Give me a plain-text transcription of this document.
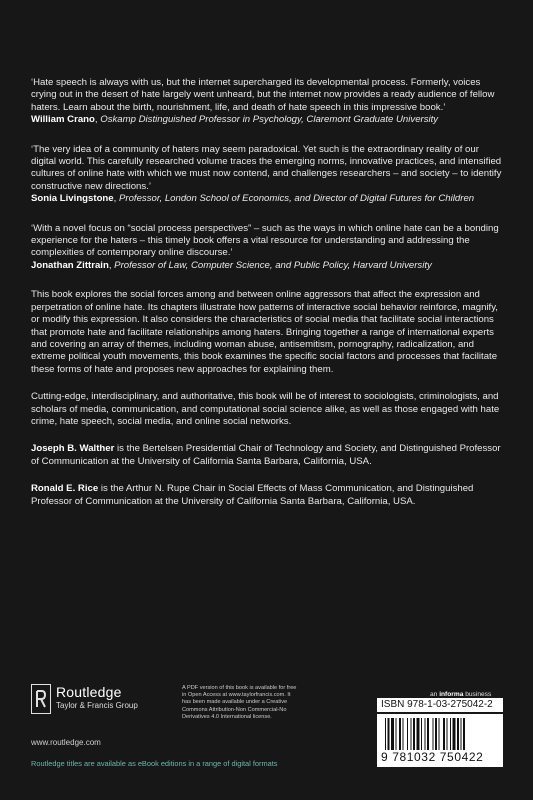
‘Hate speech is always with us, but the internet supercharged its developmental process. Formerly, voices crying out in the desert of hate largely went unheard, but the internet now provides a ready audience of fellow haters. Learn about the birth, nourishment, life, and death of hate speech in this impressive book.’

William Crano, Oskamp Distinguished Professor in Psychology, Claremont Graduate University

‘The very idea of a community of haters may seem paradoxical. Yet such is the extraordinary reality of our digital world. This carefully researched volume traces the emerging norms, innovative practices, and intensified cultures of online hate with which we must now contend, and challenges researchers – and society – to identify constructive new directions.’

Sonia Livingstone, Professor, London School of Economics, and Director of Digital Futures for Children

‘With a novel focus on “social process perspectives” – such as the ways in which online hate can be a bonding experience for the haters – this timely book offers a vital resource for understanding and addressing the complexities of contemporary online discourse.’

Jonathan Zittrain, Professor of Law, Computer Science, and Public Policy, Harvard University

This book explores the social forces among and between online aggressors that affect the expression and perpetration of online hate. Its chapters illustrate how patterns of interactive social behavior reinforce, magnify, or modify this expression. It also considers the characteristics of social media that facilitate social interactions that promote hate and facilitate relationships among haters. Bringing together a range of international experts and covering an array of themes, including woman abuse, antisemitism, pornography, radicalization, and extreme political youth movements, this book examines the specific social factors and processes that facilitate these forms of hate and proposes new approaches for explaining them.

Cutting-edge, interdisciplinary, and authoritative, this book will be of interest to sociologists, criminologists, and scholars of media, communication, and computational social science alike, as well as those engaged with hate crime, hate speech, social media, and online social networks.

Joseph B. Walther is the Bertelsen Presidential Chair of Technology and Society, and Distinguished Professor of Communication at the University of California Santa Barbara, California, USA.

Ronald E. Rice is the Arthur N. Rupe Chair in Social Effects of Mass Communication, and Distinguished Professor of Communication at the University of California Santa Barbara, California, USA.

Routledge
Taylor & Francis Group
www.routledge.com
A PDF version of this book is available for free in Open Access at www.taylorfrancis.com. It has been made available under a Creative Commons Attribution-Non Commercial-No Derivatives 4.0 International license.
an informa business
ISBN 978-1-03-275042-2
9 781032 750422
Routledge titles are available as eBook editions in a range of digital formats
